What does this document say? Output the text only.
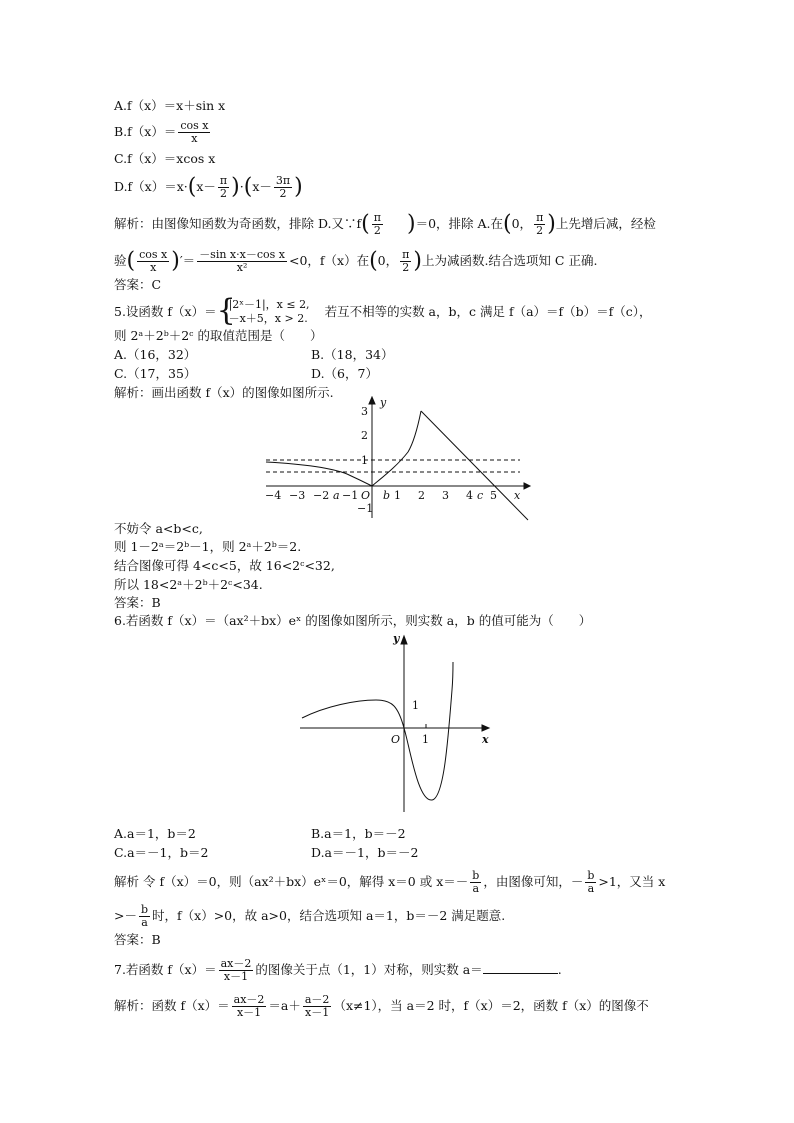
A.f（x）＝x＋sin x
$B.f(x)= \frac{\text{cos x}}{x}$
C.f（x）＝xcos x
$D.f(x)=x\cdot(x- \frac{\pi}{2} )\cdot(x- \frac{3\pi}{2}$ )
解析：由图像知函数为奇函数，排除 D.又∵f( $\frac{\pi}{2} )=0$，排除 A.在(0， $\frac{\pi}{2}$ )上先增后减，经检
验( $\frac{\text{cos x}}{x}$ )′＝ $\frac{\text{－sin x·x－cos x}}{\text{x²}} <0$，f（x）在(0， $\frac{\pi}{2}$ )上为减函数.结合选项知 C 正确.
答案：C
5.设函数 f（x）＝ {
|2ˣ－1|，x ≤ 2,
－x＋5，x > 2. 若互不相等的实数 a，b，c 满足 f（a）＝f（b）＝f（c），
则 2ᵃ＋2ᵇ＋2ᶜ 的取值范围是（　　）
A.（16，32）	B.（18，34）
C.（17，35）	D.（6，7）
解析：画出函数 f（x）的图像如图所示.
y
3
2
1
−1
−4 −3 −2 a −1 O b 1 2 3 4 c 5 x
不妨令 a<b<c,
则 1－2ᵃ＝2ᵇ－1，则 2ᵃ＋2ᵇ＝2.
结合图像可得 4<c<5，故 16<2ᶜ<32,
所以 18<2ᵃ＋2ᵇ＋2ᶜ<34.
答案：B
6.若函数 f（x）＝（ax²＋bx）eˣ 的图像如图所示，则实数 a，b 的值可能为（　　）
y
1
O 1	x
A.a＝1，b＝2	B.a＝1，b＝－2
C.a＝－1，b＝2	D.a＝－1，b＝－2
解析 令 f（x）＝0，则（ax²＋bx）eˣ＝0，解得 x＝0 或 $x=- \frac{b}{a}$ ，由图像可知，－ $\frac{b}{a} >1$，又当 x
>－ $\frac{b}{a}$ 时，f（x）>0，故 a>0，结合选项知 a＝1，b＝－2 满足题意.
答案：B
7.若函数 $f(x)= \frac{ax-2}{x-1}$ 的图像关于点（1，1）对称，则实数 a＝	.
解析：函数 $f(x)= \frac{ax-2}{x-1} =a+ \frac{a-2}{x-1} (x\ne 1)$，当 a＝2 时，f（x）＝2，函数 f（x）的图像不
